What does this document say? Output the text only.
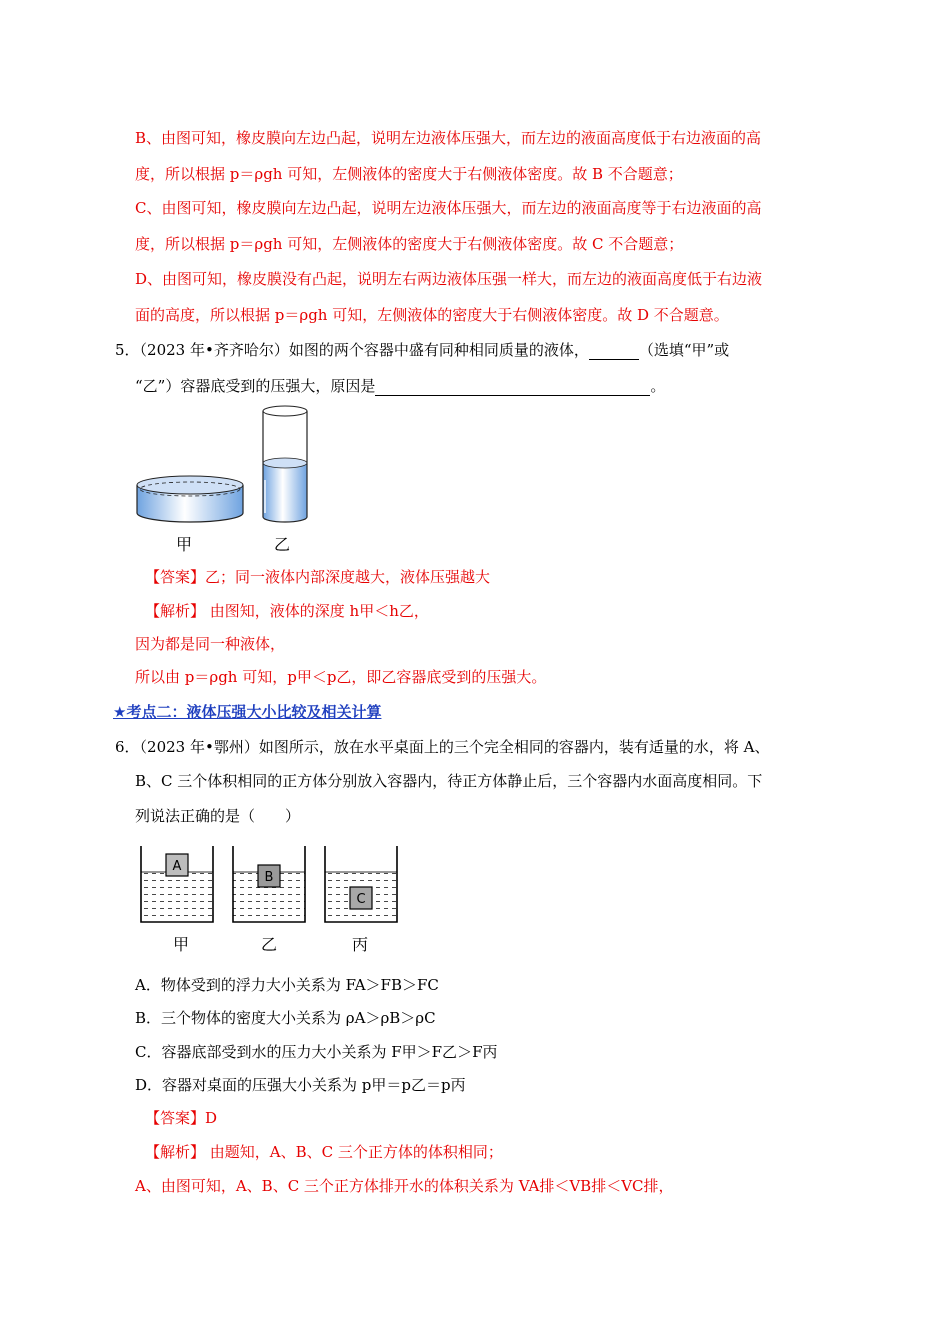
B、由图可知，橡皮膜向左边凸起，说明左边液体压强大，而左边的液面高度低于右边液面的高
度，所以根据 p＝ρgh 可知，左侧液体的密度大于右侧液体密度。故 B 不合题意；
C、由图可知，橡皮膜向左边凸起，说明左边液体压强大，而左边的液面高度等于右边液面的高
度，所以根据 p＝ρgh 可知，左侧液体的密度大于右侧液体密度。故 C 不合题意；
D、由图可知，橡皮膜没有凸起，说明左右两边液体压强一样大，而左边的液面高度低于右边液
面的高度，所以根据 p＝ρgh 可知，左侧液体的密度大于右侧液体密度。故 D 不合题意。
5．（2023 年•齐齐哈尔）如图的两个容器中盛有同种相同质量的液体，	（选填“甲”或
“乙”）容器底受到的压强大，原因是	。
甲	乙
【答案】乙；同一液体内部深度越大，液体压强越大
【解析】 由图知，液体的深度 h甲＜h乙，
因为都是同一种液体，
所以由 p＝ρgh 可知，p甲＜p乙，即乙容器底受到的压强大。
★考点二：液体压强大小比较及相关计算
6．（2023 年•鄂州）如图所示，放在水平桌面上的三个完全相同的容器内，装有适量的水，将 A、
B、C 三个体积相同的正方体分别放入容器内，待正方体静止后，三个容器内水面高度相同。下
列说法正确的是（　　）
A
B
C
甲	乙	丙
A．物体受到的浮力大小关系为 FA＞FB＞FC
B．三个物体的密度大小关系为 ρA＞ρB＞ρC
C．容器底部受到水的压力大小关系为 F甲＞F乙＞F丙
D．容器对桌面的压强大小关系为 p甲＝p乙＝p丙
【答案】D
【解析】 由题知，A、B、C 三个正方体的体积相同；
A、由图可知，A、B、C 三个正方体排开水的体积关系为 VA排＜VB排＜VC排，
